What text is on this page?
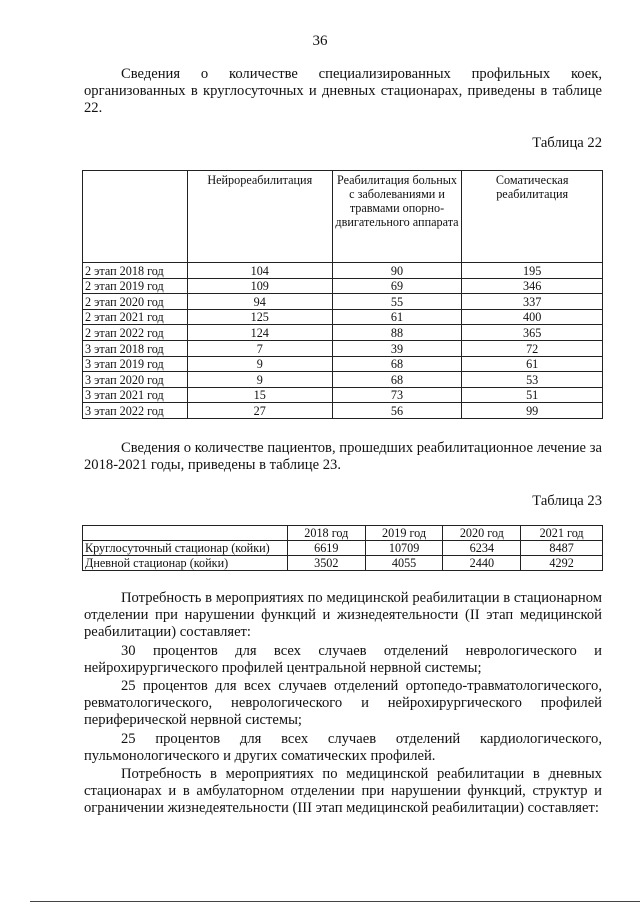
36

Сведения о количестве специализированных профильных коек, организованных в круглосуточных и дневных стационарах, приведены в таблице 22.

Таблица 22
	Нейрореабилитация	Реабилитация больных с заболеваниями и травмами опорно-двигательного аппарата	Соматическая реабилитация
2 этап 2018 год	104	90	195
2 этап 2019 год	109	69	346
2 этап 2020 год	94	55	337
2 этап 2021 год	125	61	400
2 этап 2022 год	124	88	365
3 этап 2018 год	7	39	72
3 этап 2019 год	9	68	61
3 этап 2020 год	9	68	53
3 этап 2021 год	15	73	51
3 этап 2022 год	27	56	99

Сведения о количестве пациентов, прошедших реабилитационное лечение за 2018-2021 годы, приведены в таблице 23.

Таблица 23
	2018 год	2019 год	2020 год	2021 год
Круглосуточный стационар (койки)	6619	10709	6234	8487
Дневной стационар (койки)	3502	4055	2440	4292

Потребность в мероприятиях по медицинской реабилитации в стационарном отделении при нарушении функций и жизнедеятельности (II этап медицинской реабилитации) составляет:

30 процентов для всех случаев отделений неврологического и нейрохирургического профилей центральной нервной системы;

25 процентов для всех случаев отделений ортопедо-травматологического, ревматологического, неврологического и нейрохирургического профилей периферической нервной системы;

25 процентов для всех случаев отделений кардиологического, пульмонологического и других соматических профилей.

Потребность в мероприятиях по медицинской реабилитации в дневных стационарах и в амбулаторном отделении при нарушении функций, структур и ограничении жизнедеятельности (III этап медицинской реабилитации) составляет:
